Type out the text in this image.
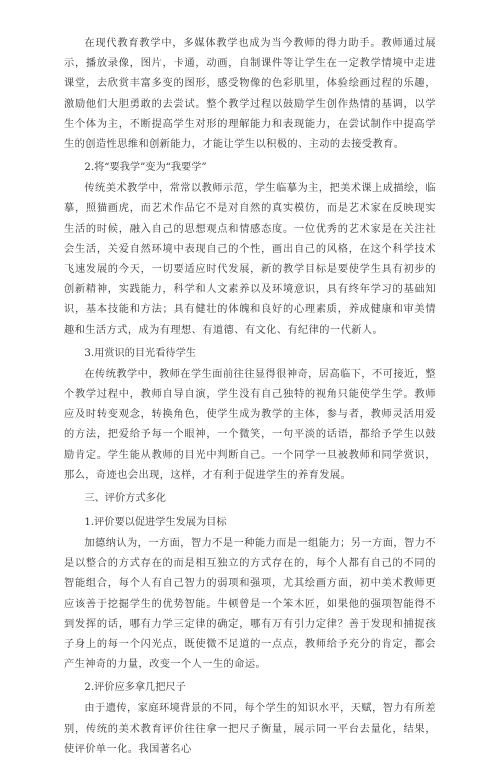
在现代教育教学中，多媒体教学也成为当今教师的得力助手。教师通过展示，播放录像，图片，卡通，动画，自制课件等让学生在一定教学情境中走进课堂，去欣赏丰富多变的图形，感受物像的色彩肌里，体验绘画过程的乐趣，激励他们大胆勇敢的去尝试。整个教学过程以鼓励学生创作热情的基调，以学生个体为主，不断提高学生对形的理解能力和表现能力，在尝试制作中提高学生的创造性思维和创新能力，才能让学生以积极的、主动的去接受教育。

2.将“要我学”变为“我要学”

传统美术教学中，常常以教师示范，学生临摹为主，把美术课上成描绘，临摹，照猫画虎，而艺术作品它不是对自然的真实模仿，而是艺术家在反映现实生活的时候，融入自己的思想观点和情感态度。一位优秀的艺术家是在关注社会生活，关爱自然环境中表现自己的个性，画出自己的风格，在这个科学技术飞速发展的今天，一切要适应时代发展，新的教学目标是要使学生具有初步的创新精神，实践能力，科学和人文素养以及环境意识，具有终年学习的基础知识，基本技能和方法；具有健壮的体魄和良好的心理素质，养成健康和审美情趣和生活方式，成为有理想、有道德、有文化、有纪律的一代新人。

3.用赏识的目光看待学生

在传统教学中，教师在学生面前往往显得很神奇，居高临下，不可接近，整个教学过程中，教师自导自演，学生没有自己独特的视角只能使学生学。教师应及时转变观念，转换角色，使学生成为教学的主体，参与者，教师灵活用爱的方法，把爱给予每一个眼神，一个微笑，一句平淡的话语，都给予学生以鼓励肯定。学生能从教师的目光中判断自己。一个同学一旦被教师和同学赏识，那么，奇迹也会出现，这样，才有利于促进学生的养育发展。

三、评价方式多化

1.评价要以促进学生发展为目标

加德纳认为，一方面，智力不是一种能力而是一组能力；另一方面，智力不是以整合的方式存在的而是相互独立的方式存在的，每个人都有自己的不同的智能组合，每个人有自己智力的弱项和强项，尤其绘画方面，初中美术教师更应该善于挖掘学生的优势智能。牛顿曾是一个笨木匠，如果他的强项智能得不到发挥的话，哪有力学三定律的确定，哪有万有引力定律？善于发现和捕捉孩子身上的每一个闪光点，既使微不足道的一点点，教师给予充分的肯定，都会产生神奇的力量，改变一个人一生的命运。

2.评价应多拿几把尺子

由于遗传，家庭环境背景的不同，每个学生的知识水平，天赋，智力有所差别，传统的美术教育评价往往拿一把尺子衡量，展示同一平台去量化，结果，使评价单一化。我国著名心
